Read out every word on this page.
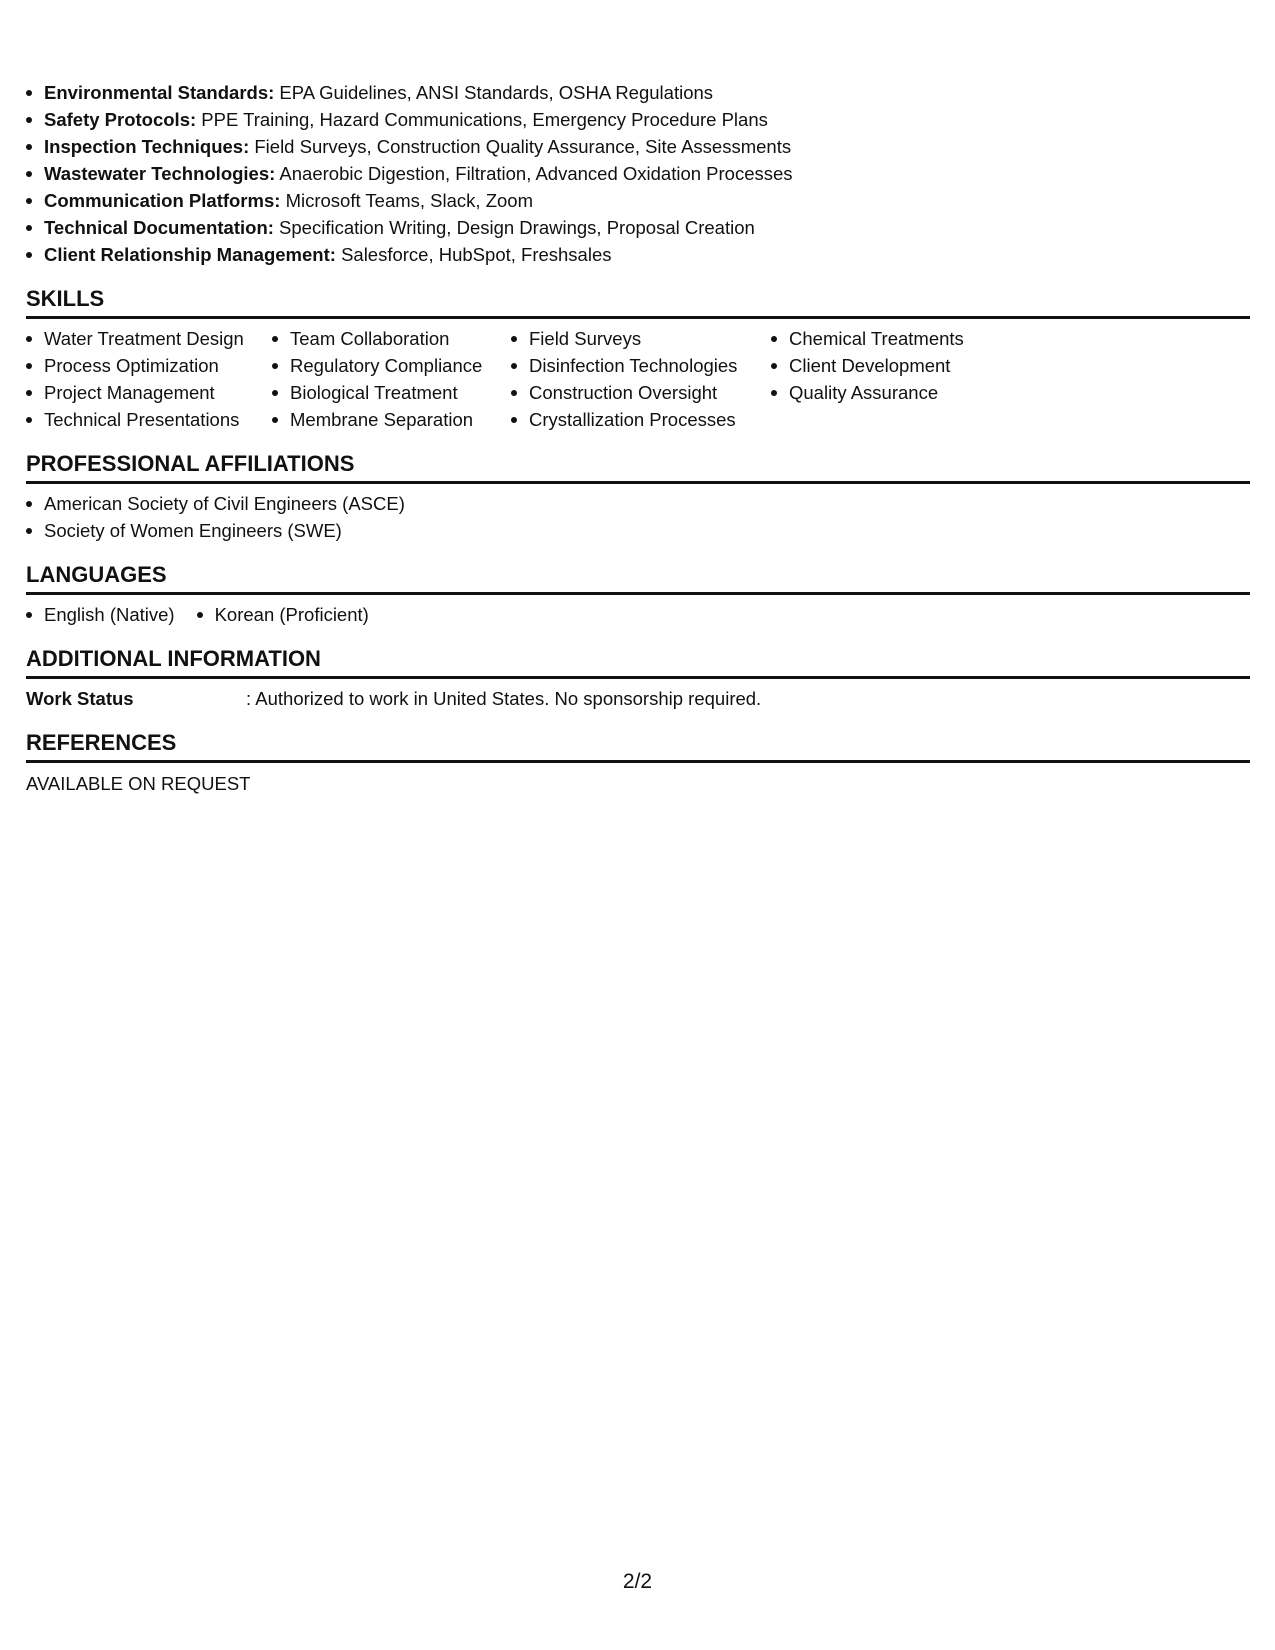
Environmental Standards: EPA Guidelines, ANSI Standards, OSHA Regulations
Safety Protocols: PPE Training, Hazard Communications, Emergency Procedure Plans
Inspection Techniques: Field Surveys, Construction Quality Assurance, Site Assessments
Wastewater Technologies: Anaerobic Digestion, Filtration, Advanced Oxidation Processes
Communication Platforms: Microsoft Teams, Slack, Zoom
Technical Documentation: Specification Writing, Design Drawings, Proposal Creation
Client Relationship Management: Salesforce, HubSpot, Freshsales
SKILLS
Water Treatment Design
Process Optimization
Project Management
Technical Presentations
Team Collaboration
Regulatory Compliance
Biological Treatment
Membrane Separation
Field Surveys
Disinfection Technologies
Construction Oversight
Crystallization Processes
Chemical Treatments
Client Development
Quality Assurance
PROFESSIONAL AFFILIATIONS
American Society of Civil Engineers (ASCE)
Society of Women Engineers (SWE)
LANGUAGES
English (Native)	Korean (Proficient)
ADDITIONAL INFORMATION
Work Status	: Authorized to work in United States. No sponsorship required.
REFERENCES
AVAILABLE ON REQUEST
2/2
